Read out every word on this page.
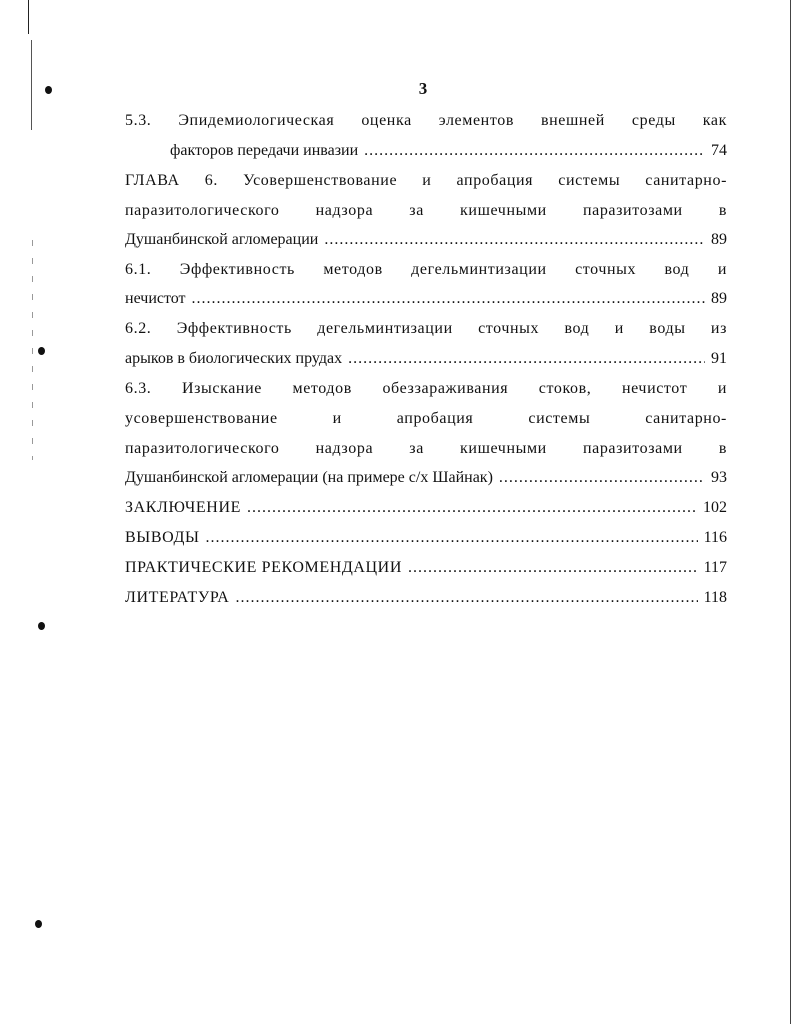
3
5.3. Эпидемиологическая оценка элементов внешней среды как
факторов передачи инвазии .....	74
ГЛАВА 6. Усовершенствование и апробация системы санитарно-
паразитологического надзора за кишечными паразитозами в
Душанбинской агломерации .....	89
6.1. Эффективность методов дегельминтизации сточных вод и
нечистот .....	89
6.2. Эффективность дегельминтизации сточных вод и воды из
арыков в биологических прудах .....	91
6.3. Изыскание методов обеззараживания стоков, нечистот и
усовершенствование и апробация системы санитарно-
паразитологического надзора за кишечными паразитозами в
Душанбинской агломерации (на примере с/х Шайнак) .....	93
ЗАКЛЮЧЕНИЕ .....	102
ВЫВОДЫ .....	116
ПРАКТИЧЕСКИЕ РЕКОМЕНДАЦИИ .....	117
ЛИТЕРАТУРА .....	118
